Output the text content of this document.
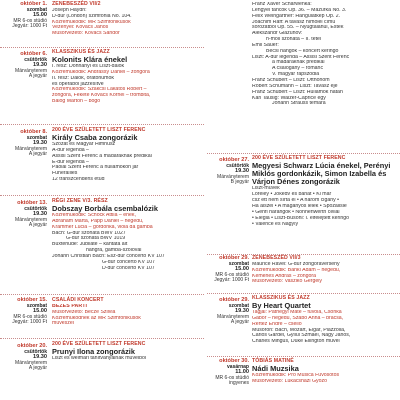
október 1.
szombat
15.00
MR 6-os stúdió
Jegyár: 1000 Ft
ZENEBESZÉD VII/2
Joseph Haydn:
D-dúr (London) szimfónia No. 104.
Közreműködik: MR Szimfonikusok
Vezényel: Kovács János
Műsorvezető: Kovács Sándor
október 6.
csütörtök
19.30
Márványterem
A jegyár
KLASSZIKUS ÉS JAZZ
Kolonits Klára énekel
I. rész: Dohnányi és Liszt-dalok
Közreműködik: Andrássy Dániel – zongora
II. rész: Dalok, oratóriumok
és operából jazzesítve
Közreműködik: Szakcsi Lakatos Róbert –
zongora, Fekete Kovács Kornél – trombita,
Balog Márton – bőgő
október 8.
szombat
19.30
Márványterem
A jegyár
200 ÉVE SZÜLETETT LISZT FERENC
Király Csaba zongorázik
Szózat és Magyar Himnusz
Á-dúr legenda –
Assisi Szent Ferenc a madaraknak prédikál
E-dúr legenda –
Paolai Szent Ferenc a hullámokon jár
Funerailles
12 transzcendens etűd
október 13.
csütörtök
19.30
Márványterem
A jegyár
RÉGI ZENE V/3. RÉSZ
Dobszay Borbála csembalózik
Közreműködik: Schöck Attila – ének,
Ábrahám Márta, Papp Dániel – hegedű,
Krammer Lúcia – gordonka, viola da gamba
Bach: G-dúr szonáta BWV 1027
G-dúr szonáta BWV 1019
Buxtehude: Jubiláte – kantáta alt
hangra, gamba-szólóval
Johann Christian Bach: Esz-dúr concerto KV 107
G-dúr concerto KV 107
D-dúr concerto KV 107
október 15.
szombat
15.00
MR 6-os stúdió
Jegyár: 1000 Ft
CSALÁDI KONCERT
BEZES PARTI
Műsorvezető: Becze Szilvia
Közreműködnek az MR Szimfonikusok
művészei
október 20.
csütörtök
19.30
Márványterem
A jegyár
200 ÉVE SZÜLETETT LISZT FERENC
Prunyi Ilona zongorázik
Liszt és weimari tanítványainak műveiből
Franz Xaver Scharwenka:
Lengyel táncok Op. 36. – Mazurka No. 3.
Felix Weingartner: Hangulatkép Op. 2.
Joachim Raff: A tavasz hímölei című
sorozatból Op. 55. – Nyugtalanul, Esték
Alekszandr Glazunov:
h-moll szonáta – II. tétel
Emil Sauer:
Bécsi hangok – koncert keringő
Liszt: A-dúr legenda – Assisi Szent Ferenc
a madaraknak prédikál
A csalogány – románc
V. magyar rapszódia
Franz Schubert – Liszt: Ofthonom
Robert Schumann – Liszt: Tavasz éje
Franz Schubert – Liszt: Hullámok hátán
Karl Tausig: Walzer-Caprice egy
Johann Strauss témára
október 27.
csütörtök
19.30
Márványterem
B jegyár
200 ÉVE SZÜLETETT LISZT FERENC
Megyesi Schwarz Lúcia énekel, Perényi Miklós gordonkázik, Simon Izabella és Várjon Dénes zongorázik
Liszt-művek
Loreley • Jökedv és bánat • Ki már
csz étt nem sírta el • A három cigány •
Ha alszel • A magányos lélek • Spozálisie
• Genfi harangok • Nonnenwerth cellái
• Elégia • Liszt-Busoni: I. elfelejtett keringő
• Valence és Nagyíy
október 29.
szombat
15.00
MR 6-os stúdió
Jegyár: 1000 Ft
ZENEBESZÉD VII/3
Maurice Ravel: G-dúr zongoraverseny
Közreműködik: Bánki Ádám – hegedű,
Kemenes András – zongora
Műsorvezető: Vasziko Gergely
október 29.
szombat
19.30
Márványterem
A jegyár
KLASSZIKUS ÉS JAZZ
By Heart Quartet
Tagjai: Páthegyi Máté – fuvola, Csonka
Gábor – hegedű, Szabó Anna – brácsa,
Rertéz Endre – cselló
Műsoron: Bach, Mozart, Elgar, Piazzolla,
Carlos Gardel, Gyllul Szmael, Nagy János,
Charles Mingus, Duke Ellington művei
október 30.
vasárnap
11.00
MR 6-os stúdió
ingyenes
TÓBIÁS MATINÉ
Nádi Muzsika
Közreműködik: Pro Musica Fúvósötös
Műsorvezető: Lukácsházi Győző
